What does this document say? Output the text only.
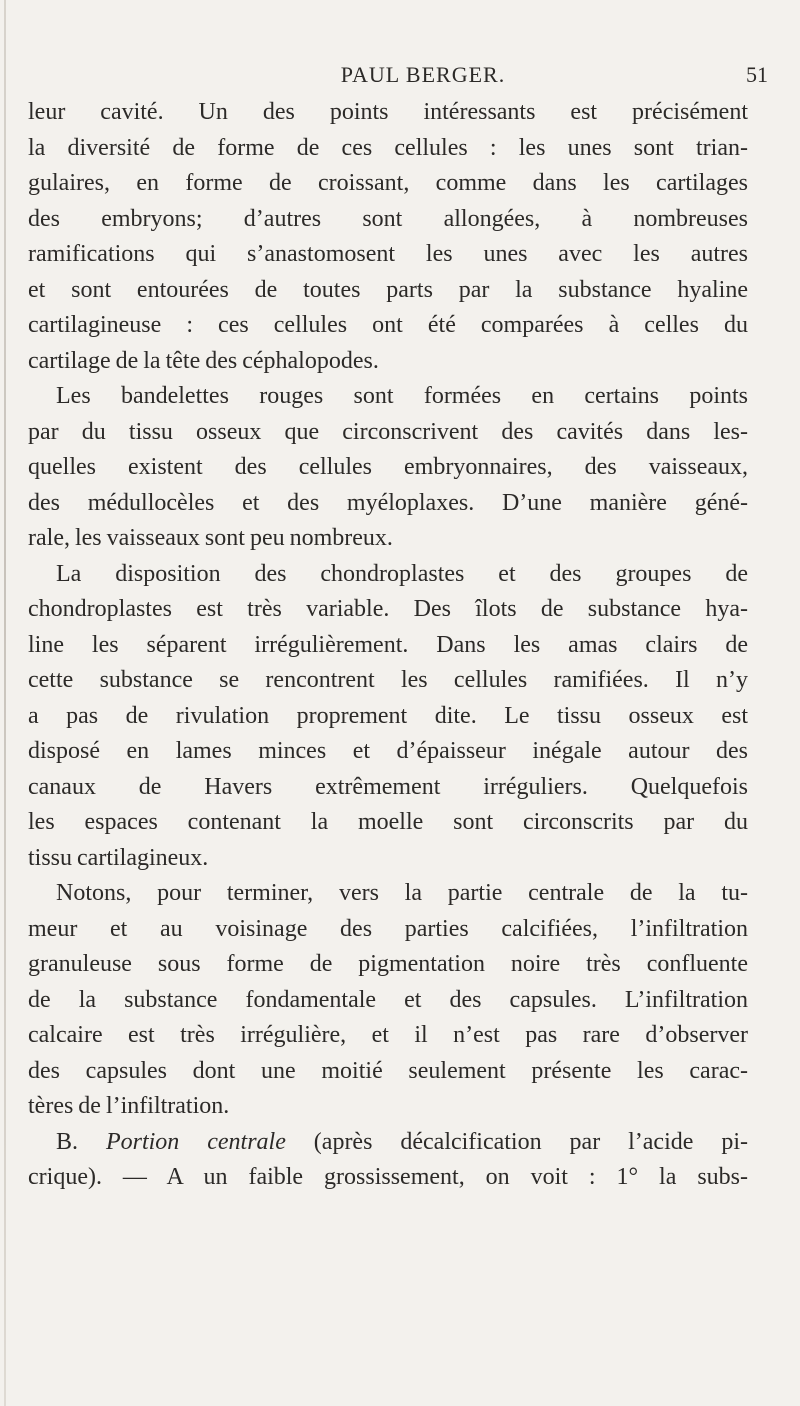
PAUL BERGER.	51
leur cavité. Un des points intéressants est précisément
la diversité de forme de ces cellules : les unes sont trian-
gulaires, en forme de croissant, comme dans les cartilages
des embryons; d’autres sont allongées, à nombreuses
ramifications qui s’anastomosent les unes avec les autres
et sont entourées de toutes parts par la substance hyaline
cartilagineuse : ces cellules ont été comparées à celles du
cartilage de la tête des céphalopodes.
Les bandelettes rouges sont formées en certains points
par du tissu osseux que circonscrivent des cavités dans les-
quelles existent des cellules embryonnaires, des vaisseaux,
des médullocèles et des myéloplaxes. D’une manière géné-
rale, les vaisseaux sont peu nombreux.
La disposition des chondroplastes et des groupes de
chondroplastes est très variable. Des îlots de substance hya-
line les séparent irrégulièrement. Dans les amas clairs de
cette substance se rencontrent les cellules ramifiées. Il n’y
a pas de rivulation proprement dite. Le tissu osseux est
disposé en lames minces et d’épaisseur inégale autour des
canaux de Havers extrêmement irréguliers. Quelquefois
les espaces contenant la moelle sont circonscrits par du
tissu cartilagineux.
Notons, pour terminer, vers la partie centrale de la tu-
meur et au voisinage des parties calcifiées, l’infiltration
granuleuse sous forme de pigmentation noire très confluente
de la substance fondamentale et des capsules. L’infiltration
calcaire est très irrégulière, et il n’est pas rare d’observer
des capsules dont une moitié seulement présente les carac-
tères de l’infiltration.
B. Portion centrale (après décalcification par l’acide pi-
crique). — A un faible grossissement, on voit : 1° la subs-
